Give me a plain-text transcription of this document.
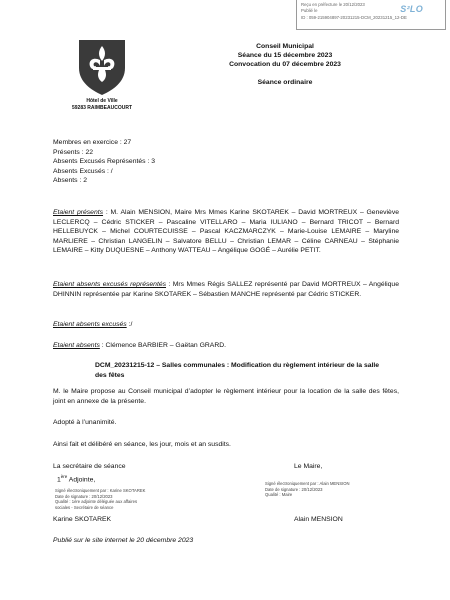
Reçu en préfecture le 20/12/2023
Publié le
ID : 059-215904897-20231215-DCM_20231215_12-DE
S²LO
Hôtel de Ville
59283 RAIMBEAUCOURT
Conseil Municipal
Séance du 15 décembre 2023
Convocation du 07 décembre 2023
Séance ordinaire
Membres en exercice : 27
Présents : 22
Absents Excusés Représentés : 3
Absents Excusés : /
Absents : 2
Etaient présents : M. Alain MENSION, Maire Mrs Mmes Karine SKOTAREK – David MORTREUX – Geneviève LECLERCQ – Cédric STICKER – Pascaline VITELLARO – Maria IULIANO – Bernard TRICOT – Bernard HELLEBUYCK – Michel COURTECUISSE – Pascal KACZMARCZYK – Marie-Louise LEMAIRE – Maryline MARLIERE – Christian LANGELIN – Salvatore BELLU – Christian LEMAR – Céline CARNEAU – Stéphanie LEMAIRE – Kitty DUQUESNE – Anthony WATTEAU – Angélique GOGÉ – Aurélie PETIT.
Etaient absents excusés représentés : Mrs Mmes Régis SALLEZ représenté par David MORTREUX – Angélique DHINNIN représentée par Karine SKOTAREK – Sébastien MANCHE représenté par Cédric STICKER.
Etaient absents excusés :/
Etaient absents : Clémence BARBIER – Gaëtan GRARD.
DCM_20231215-12 – Salles communales : Modification du règlement intérieur de la salle
des fêtes
M. le Maire propose au Conseil municipal d’adopter le règlement intérieur pour la location de la salle des fêtes, joint en annexe de la présente.
Adopté à l’unanimité.
Ainsi fait et délibéré en séance, les jour, mois et an susdits.
La secrétaire de séance
1ère Adjointe,
Signé électroniquement par : Karine SKOTAREK
Date de signature : 20/12/2023
Qualité : 1ère adjointe déléguée aux affaires
sociales - Secrétaire de séance
Le Maire,
Signé électroniquement par : Alain MENSION
Date de signature : 20/12/2023
Qualité : Maire
Karine SKOTAREK	Alain MENSION
Publié sur le site internet le 20 décembre 2023
